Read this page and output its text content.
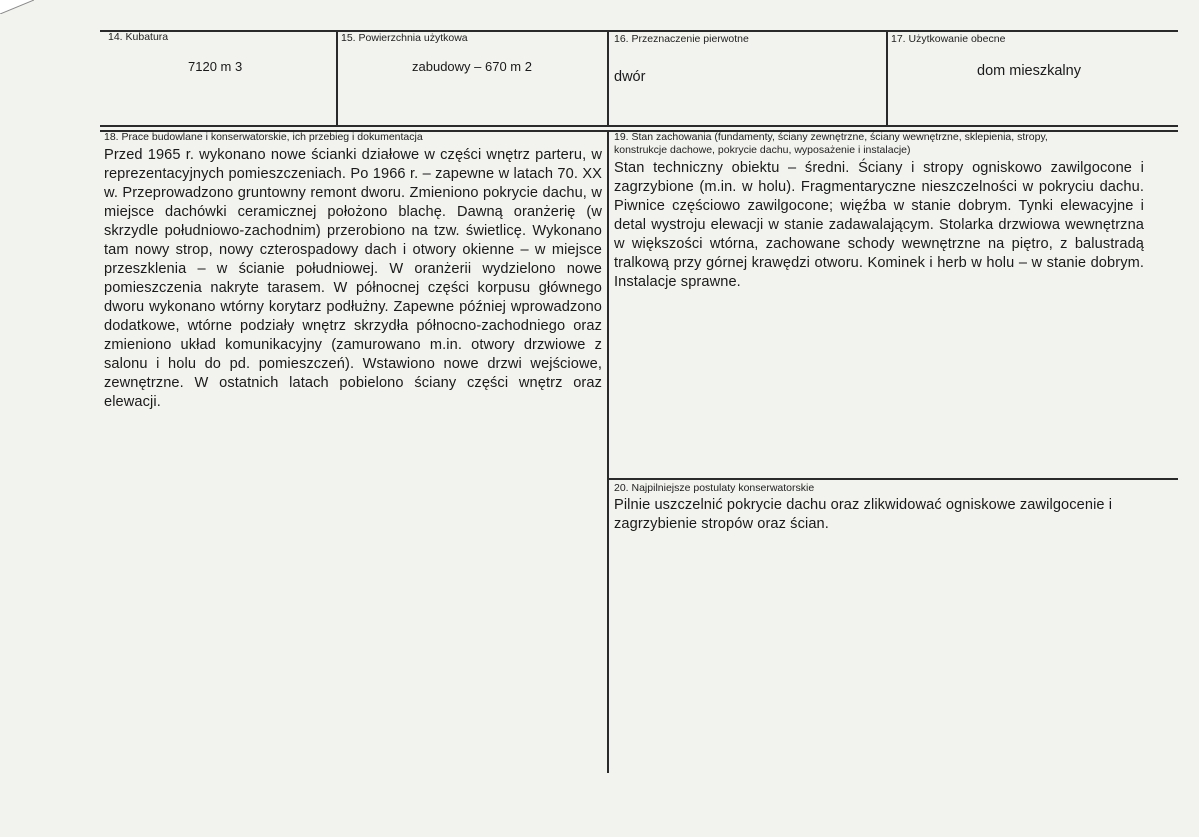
14. Kubatura
7120 m 3
15. Powierzchnia użytkowa
zabudowy – 670 m 2
16. Przeznaczenie pierwotne
dwór
17. Użytkowanie obecne
dom mieszkalny
18. Prace budowlane i konserwatorskie, ich przebieg i dokumentacja
Przed 1965 r. wykonano nowe ścianki działowe w części wnętrz parteru, w reprezentacyjnych pomieszczeniach. Po 1966 r. – zapewne w latach 70. XX w. Przeprowadzono gruntowny remont dworu. Zmieniono pokrycie dachu, w miejsce dachówki ceramicznej położono blachę. Dawną oranżerię (w skrzydle południowo-zachodnim) przerobiono na tzw. świetlicę. Wykonano tam nowy strop, nowy czterospadowy dach i otwory okienne – w miejsce przeszklenia – w ścianie południowej. W oranżerii wydzielono nowe pomieszczenia nakryte tarasem. W północnej części korpusu głównego dworu wykonano wtórny korytarz podłużny. Zapewne później wprowadzono dodatkowe, wtórne podziały wnętrz skrzydła północno-zachodniego oraz zmieniono układ komunikacyjny (zamurowano m.in. otwory drzwiowe z salonu i holu do pd. pomieszczeń). Wstawiono nowe drzwi wejściowe, zewnętrzne. W ostatnich latach pobielono ściany części wnętrz oraz elewacji.
19. Stan zachowania (fundamenty, ściany zewnętrzne, ściany wewnętrzne, sklepienia, stropy,
konstrukcje dachowe, pokrycie dachu, wyposażenie i instalacje)
Stan techniczny obiektu – średni. Ściany i stropy ogniskowo zawilgocone i zagrzybione (m.in. w holu). Fragmentaryczne nieszczelności w pokryciu dachu. Piwnice częściowo zawilgocone; więźba w stanie dobrym. Tynki elewacyjne i detal wystroju elewacji w stanie zadawalającym. Stolarka drzwiowa wewnętrzna w większości wtórna, zachowane schody wewnętrzne na piętro, z balustradą tralkową przy górnej krawędzi otworu. Kominek i herb w holu – w stanie dobrym. Instalacje sprawne.
20. Najpilniejsze postulaty konserwatorskie
Pilnie uszczelnić pokrycie dachu oraz zlikwidować ogniskowe zawilgocenie i zagrzybienie stropów oraz ścian.
